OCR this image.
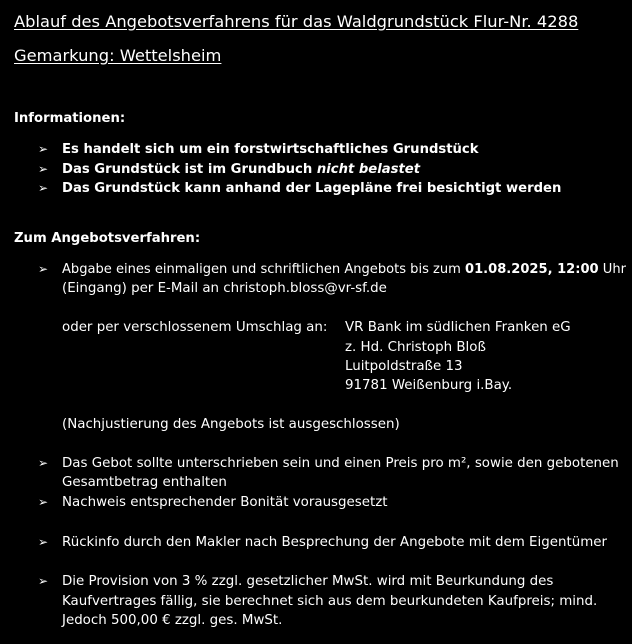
Ablauf des Angebotsverfahrens für das Waldgrundstück Flur-Nr. 4288
Gemarkung: Wettelsheim
Informationen:
➢ Es handelt sich um ein forstwirtschaftliches Grundstück
➢ Das Grundstück ist im Grundbuch nicht belastet
➢ Das Grundstück kann anhand der Lagepläne frei besichtigt werden
Zum Angebotsverfahren:
➢ Abgabe eines einmaligen und schriftlichen Angebots bis zum 01.08.2025, 12:00 Uhr
(Eingang) per E-Mail an christoph.bloss@vr-sf.de
oder per verschlossenem Umschlag an: VR Bank im südlichen Franken eG
z. Hd. Christoph Bloß
Luitpoldstraße 13
91781 Weißenburg i.Bay.
(Nachjustierung des Angebots ist ausgeschlossen)
➢ Das Gebot sollte unterschrieben sein und einen Preis pro m², sowie den gebotenen
Gesamtbetrag enthalten
➢ Nachweis entsprechender Bonität vorausgesetzt
➢ Rückinfo durch den Makler nach Besprechung der Angebote mit dem Eigentümer
➢ Die Provision von 3 % zzgl. gesetzlicher MwSt. wird mit Beurkundung des
Kaufvertrages fällig, sie berechnet sich aus dem beurkundeten Kaufpreis; mind.
Jedoch 500,00 € zzgl. ges. MwSt.
